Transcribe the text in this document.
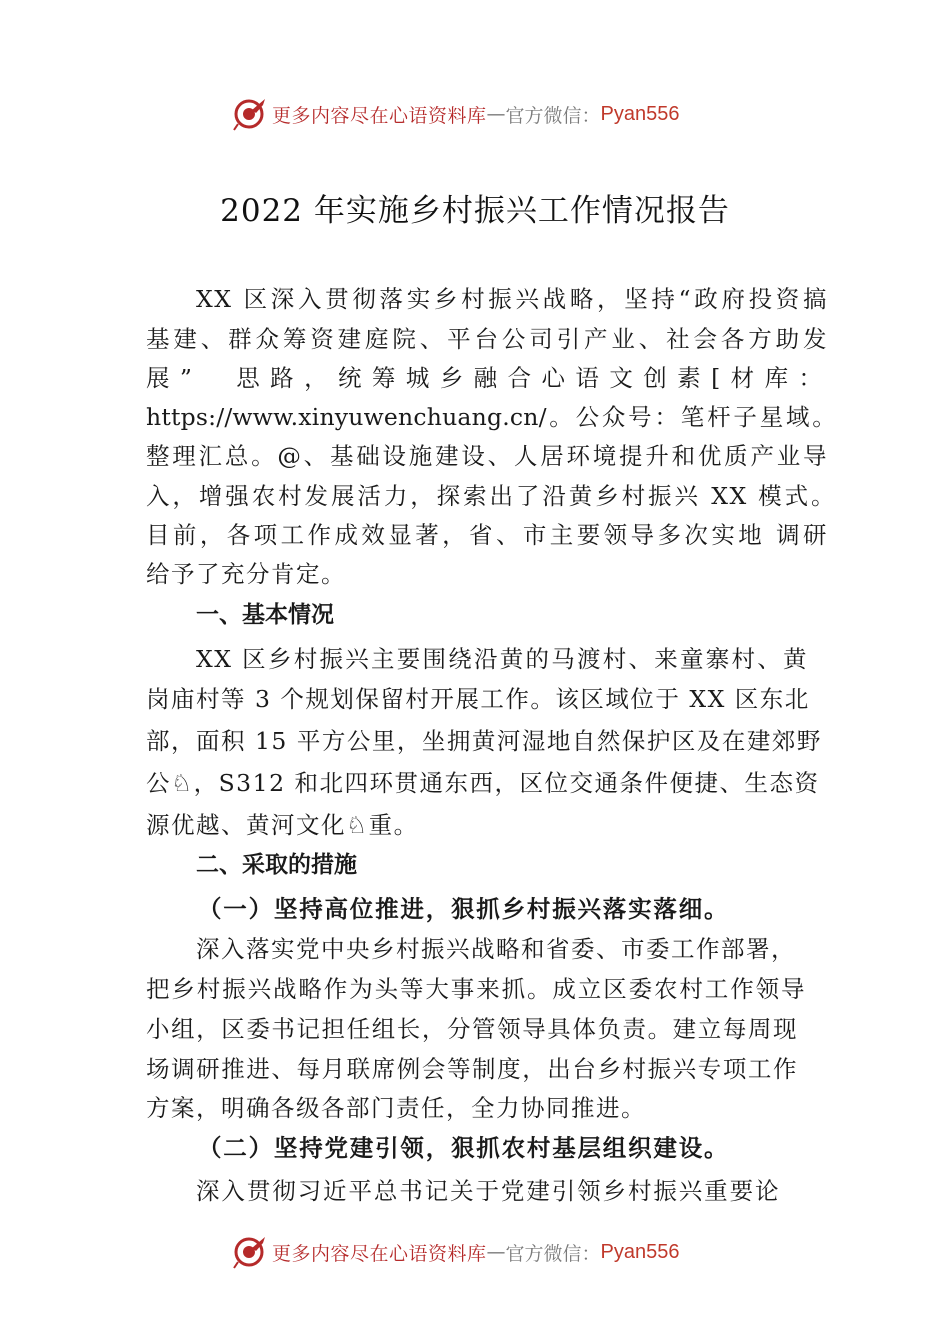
更多内容尽在心语资料库 — 官方微信： Pyan556
2022 年实施乡村振兴工作情况报告
XX 区深入贯彻落实乡村振兴战略，坚持“政府投资搞
基建、群众筹资建庭院、平台公司引产业、社会各方助发
展”　思路，统筹城乡融合心语文创素[材库：
https://www.xinyuwenchuang.cn/。公众号：笔杆子星域。
整理汇总。@、基础设施建设、人居环境提升和优质产业导
入，增强农村发展活力，探索出了沿黄乡村振兴 XX 模式。
目前，各项工作成效显著，省、市主要领导多次实地 调研
给予了充分肯定。
一、基本情况
XX 区乡村振兴主要围绕沿黄的马渡村、来童寨村、黄
岗庙村等 3 个规划保留村开展工作。该区域位于 XX 区东北
部，面积 15 平方公里，坐拥黄河湿地自然保护区及在建郊野
公♘，S312 和北四环贯通东西，区位交通条件便捷、生态资
源优越、黄河文化♘重。
二、采取的措施
（一）坚持高位推进，狠抓乡村振兴落实落细。
深入落实党中央乡村振兴战略和省委、市委工作部署，
把乡村振兴战略作为头等大事来抓。成立区委农村工作领导
小组，区委书记担任组长，分管领导具体负责。建立每周现
场调研推进、每月联席例会等制度，出台乡村振兴专项工作
方案，明确各级各部门责任，全力协同推进。
（二）坚持党建引领，狠抓农村基层组织建设。
深入贯彻习近平总书记关于党建引领乡村振兴重要论
更多内容尽在心语资料库 — 官方微信： Pyan556
